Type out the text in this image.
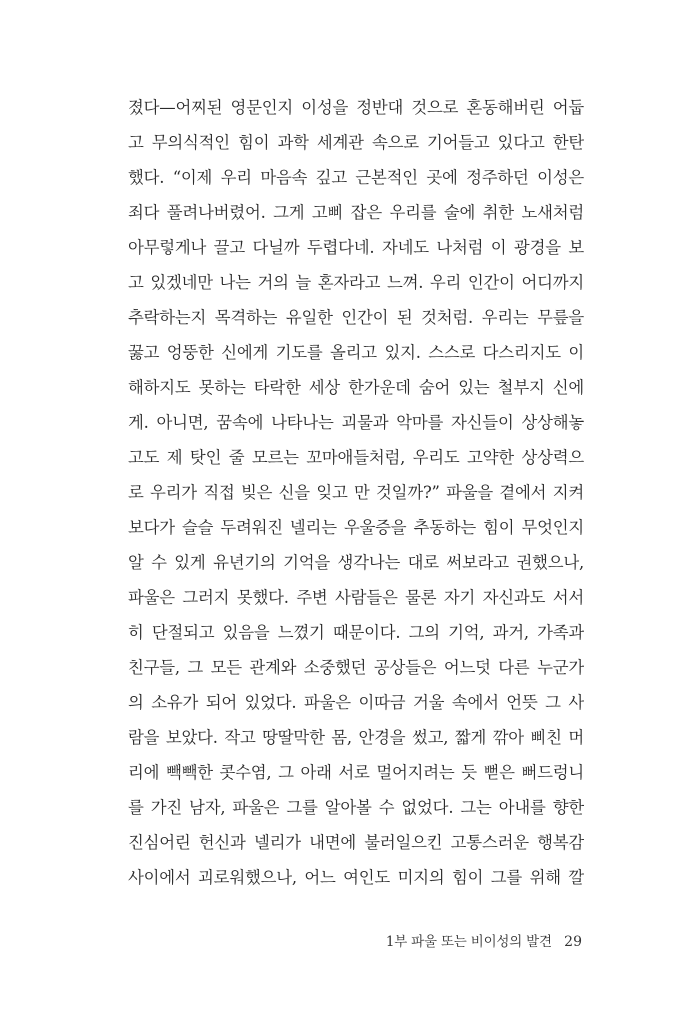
졌다—어찌된 영문인지 이성을 정반대 것으로 혼동해버린 어둡
고 무의식적인 힘이 과학 세계관 속으로 기어들고 있다고 한탄
했다. “이제 우리 마음속 깊고 근본적인 곳에 정주하던 이성은
죄다 풀려나버렸어. 그게 고삐 잡은 우리를 술에 취한 노새처럼
아무렇게나 끌고 다닐까 두렵다네. 자네도 나처럼 이 광경을 보
고 있겠네만 나는 거의 늘 혼자라고 느껴. 우리 인간이 어디까지
추락하는지 목격하는 유일한 인간이 된 것처럼. 우리는 무릎을
꿇고 엉뚱한 신에게 기도를 올리고 있지. 스스로 다스리지도 이
해하지도 못하는 타락한 세상 한가운데 숨어 있는 철부지 신에
게. 아니면, 꿈속에 나타나는 괴물과 악마를 자신들이 상상해놓
고도 제 탓인 줄 모르는 꼬마애들처럼, 우리도 고약한 상상력으
로 우리가 직접 빚은 신을 잊고 만 것일까?” 파울을 곁에서 지켜
보다가 슬슬 두려워진 넬리는 우울증을 추동하는 힘이 무엇인지
알 수 있게 유년기의 기억을 생각나는 대로 써보라고 권했으나,
파울은 그러지 못했다. 주변 사람들은 물론 자기 자신과도 서서
히 단절되고 있음을 느꼈기 때문이다. 그의 기억, 과거, 가족과
친구들, 그 모든 관계와 소중했던 공상들은 어느덧 다른 누군가
의 소유가 되어 있었다. 파울은 이따금 거울 속에서 언뜻 그 사
람을 보았다. 작고 땅딸막한 몸, 안경을 썼고, 짧게 깎아 삐친 머
리에 빽빽한 콧수염, 그 아래 서로 멀어지려는 듯 뻗은 뻐드렁니
를 가진 남자, 파울은 그를 알아볼 수 없었다. 그는 아내를 향한
진심어린 헌신과 넬리가 내면에 불러일으킨 고통스러운 행복감
사이에서 괴로워했으나, 어느 여인도 미지의 힘이 그를 위해 깔
1부 파울 또는 비이성의 발견 29
